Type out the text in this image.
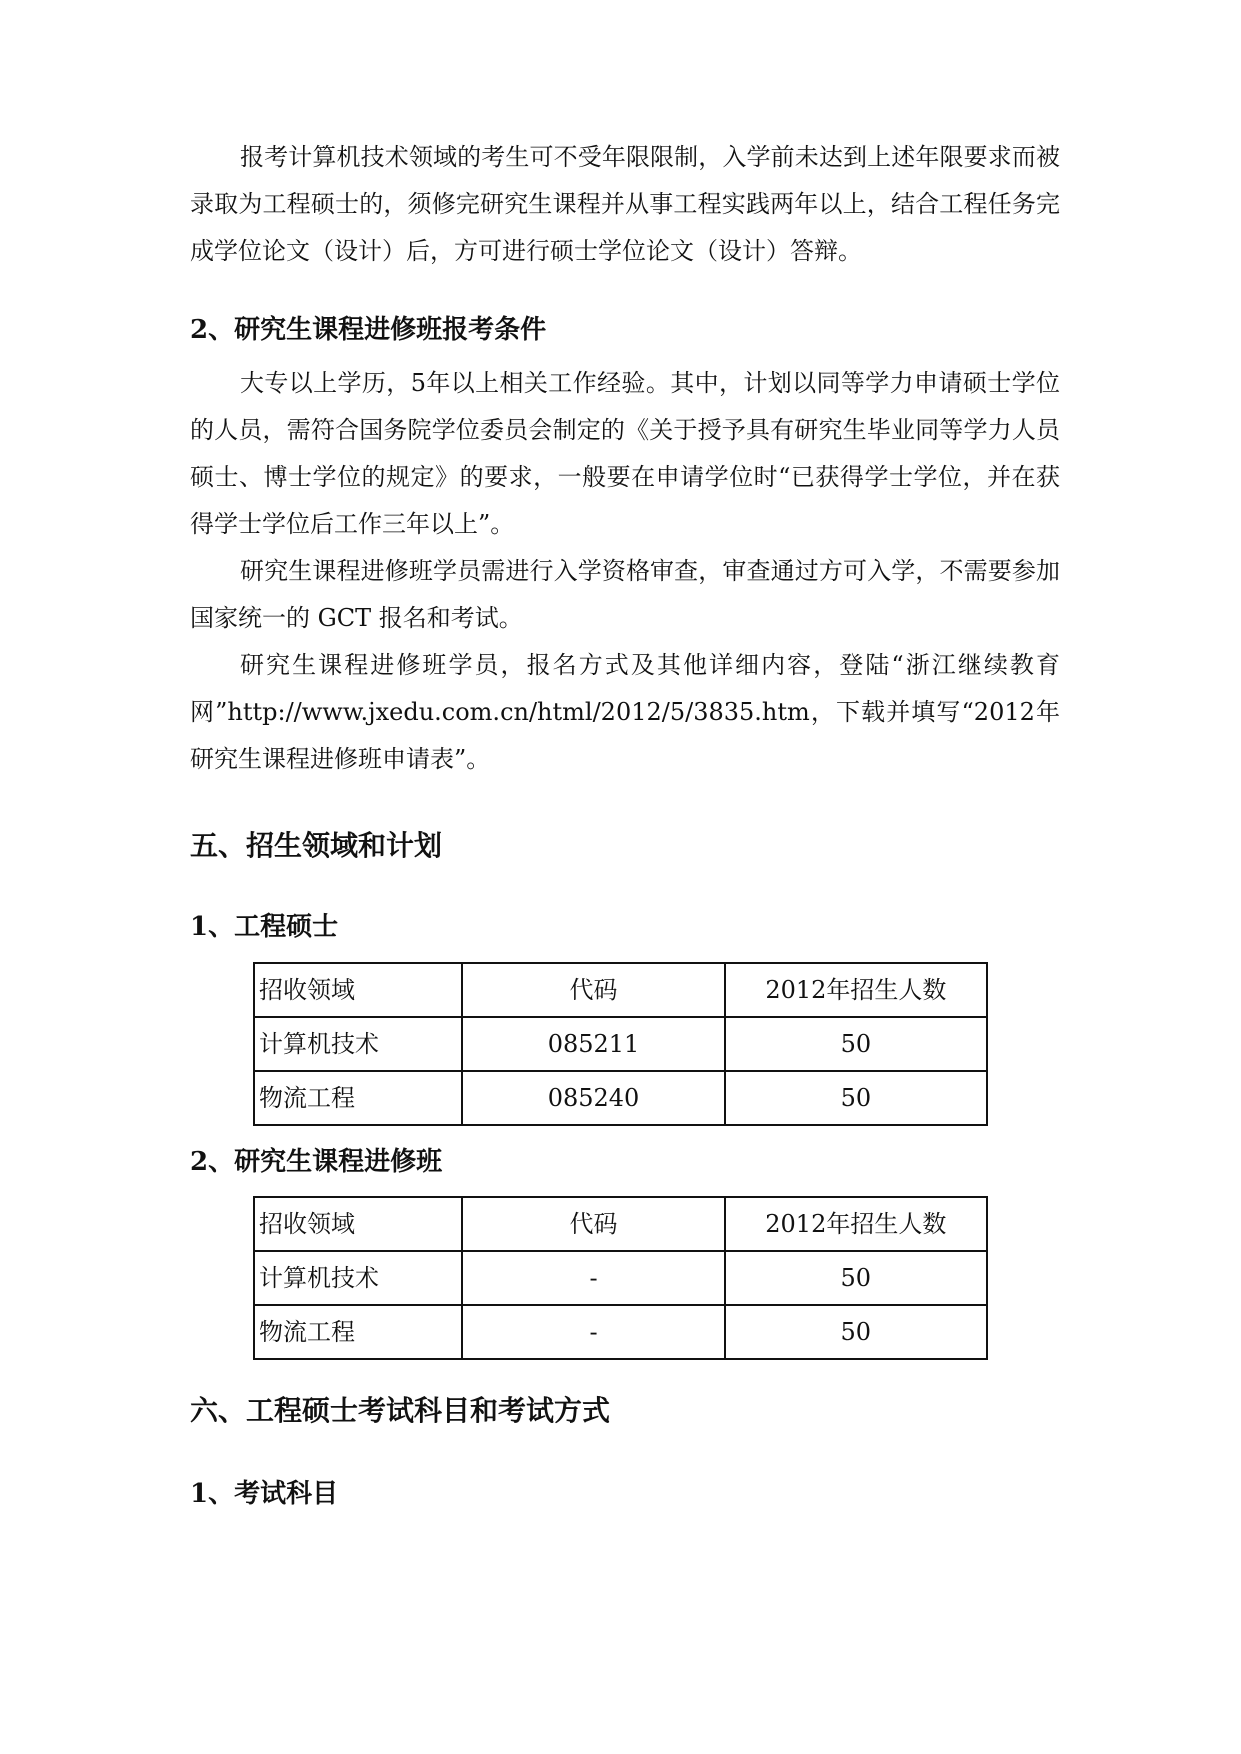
报考计算机技术领域的考生可不受年限限制，入学前未达到上述年限要求而被录取为工程硕士的，须修完研究生课程并从事工程实践两年以上，结合工程任务完成学位论文（设计）后，方可进行硕士学位论文（设计）答辩。

2、研究生课程进修班报考条件

大专以上学历，5年以上相关工作经验。其中，计划以同等学力申请硕士学位的人员，需符合国务院学位委员会制定的《关于授予具有研究生毕业同等学力人员硕士、博士学位的规定》的要求，一般要在申请学位时“已获得学士学位，并在获得学士学位后工作三年以上”。

研究生课程进修班学员需进行入学资格审查，审查通过方可入学，不需要参加国家统一的 GCT 报名和考试。

研究生课程进修班学员，报名方式及其他详细内容，登陆“浙江继续教育网”http://www.jxedu.com.cn/html/2012/5/3835.htm，下载并填写“2012年研究生课程进修班申请表”。

五、招生领域和计划
1、工程硕士
招收领域	代码	2012年招生人数
计算机技术	085211	50
物流工程	085240	50
2、研究生课程进修班
招收领域	代码	2012年招生人数
计算机技术	-	50
物流工程	-	50
六、工程硕士考试科目和考试方式
1、考试科目
